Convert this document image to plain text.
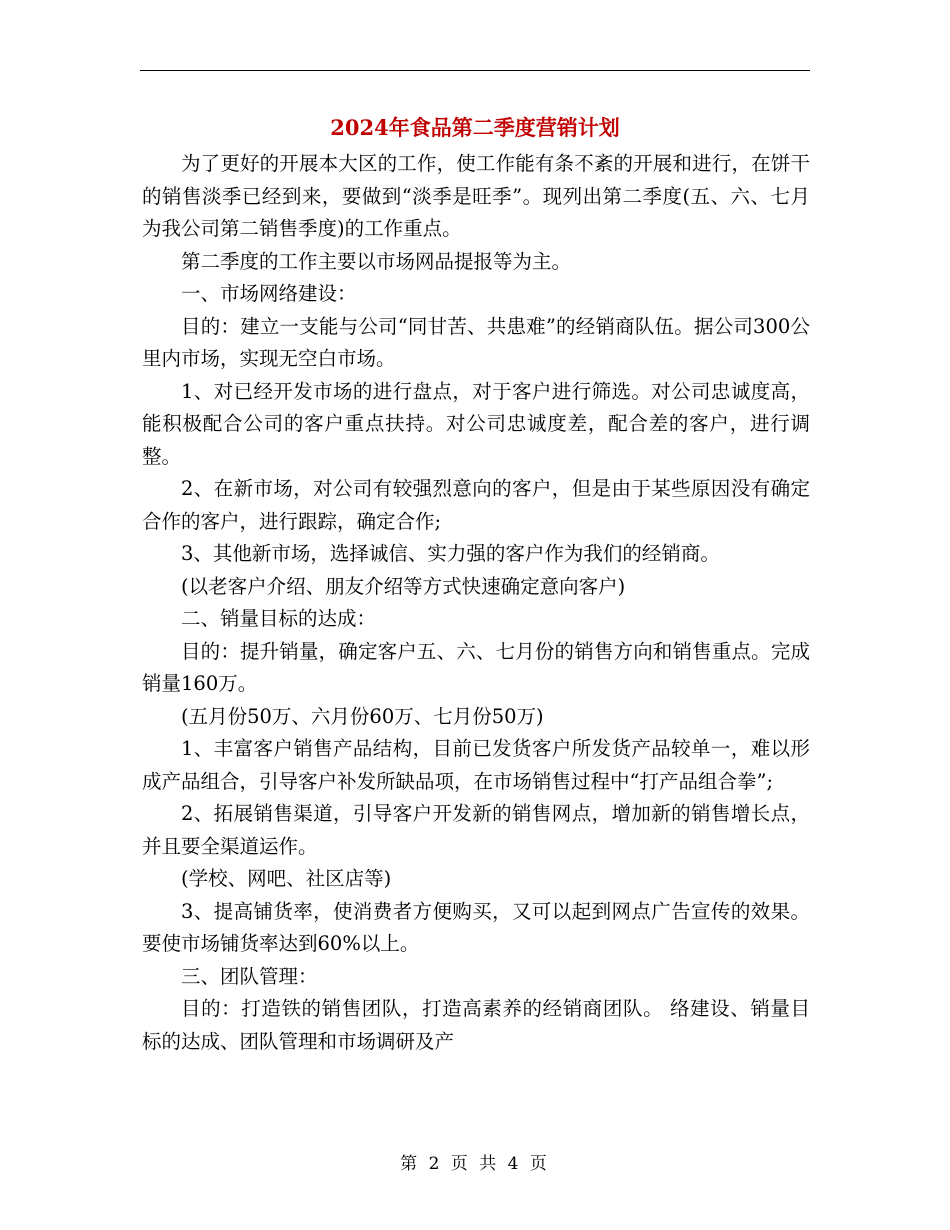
2024年食品第二季度营销计划

为了更好的开展本大区的工作，使工作能有条不紊的开展和进行，在饼干的销售淡季已经到来，要做到“淡季是旺季”。现列出第二季度(五、六、七月为我公司第二销售季度)的工作重点。

第二季度的工作主要以市场网品提报等为主。

一、市场网络建设：

目的：建立一支能与公司“同甘苦、共患难”的经销商队伍。据公司300公里内市场，实现无空白市场。

1、对已经开发市场的进行盘点，对于客户进行筛选。对公司忠诚度高，能积极配合公司的客户重点扶持。对公司忠诚度差，配合差的客户，进行调整。

2、在新市场，对公司有较强烈意向的客户，但是由于某些原因没有确定合作的客户，进行跟踪，确定合作;

3、其他新市场，选择诚信、实力强的客户作为我们的经销商。

(以老客户介绍、朋友介绍等方式快速确定意向客户)

二、销量目标的达成：

目的：提升销量，确定客户五、六、七月份的销售方向和销售重点。完成销量160万。

(五月份50万、六月份60万、七月份50万)

1、丰富客户销售产品结构，目前已发货客户所发货产品较单一，难以形成产品组合，引导客户补发所缺品项，在市场销售过程中“打产品组合拳”;

2、拓展销售渠道，引导客户开发新的销售网点，增加新的销售增长点，并且要全渠道运作。

(学校、网吧、社区店等)

3、提高铺货率，使消费者方便购买，又可以起到网点广告宣传的效果。要使市场铺货率达到60%以上。

三、团队管理：

目的：打造铁的销售团队，打造高素养的经销商团队。 络建设、销量目标的达成、团队管理和市场调研及产

第 2 页 共 4 页
